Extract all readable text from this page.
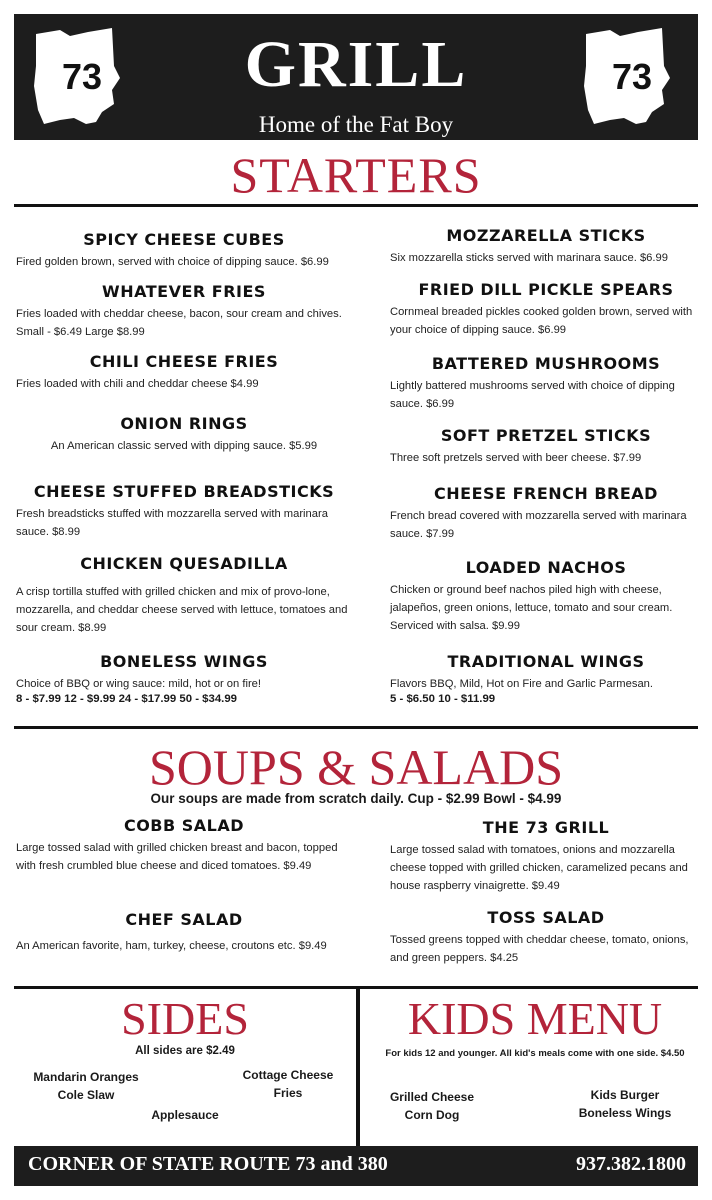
73	GRILL
Home of the Fat Boy
73
STARTERS
SPICY CHEESE CUBES
Fired golden brown, served with choice of dipping sauce. $6.99
WHATEVER FRIES
Fries loaded with cheddar cheese, bacon, sour cream and chives. Small - $6.49 Large $8.99
CHILI CHEESE FRIES
Fries loaded with chili and cheddar cheese $4.99
ONION RINGS
An American classic served with dipping sauce. $5.99
CHEESE STUFFED BREADSTICKS
Fresh breadsticks stuffed with mozzarella served with marinara sauce. $8.99
CHICKEN QUESADILLA
A crisp tortilla stuffed with grilled chicken and mix of provo-lone, mozzarella, and cheddar cheese served with lettuce, tomatoes and sour cream. $8.99
BONELESS WINGS
Choice of BBQ or wing sauce: mild, hot or on fire!
8 - $7.99 12 - $9.99 24 - $17.99 50 - $34.99
MOZZARELLA STICKS
Six mozzarella sticks served with marinara sauce. $6.99
FRIED DILL PICKLE SPEARS
Cornmeal breaded pickles cooked golden brown, served with your choice of dipping sauce. $6.99
BATTERED MUSHROOMS
Lightly battered mushrooms served with choice of dipping sauce. $6.99
SOFT PRETZEL STICKS
Three soft pretzels served with beer cheese. $7.99
CHEESE FRENCH BREAD
French bread covered with mozzarella served with marinara sauce. $7.99
LOADED NACHOS
Chicken or ground beef nachos piled high with cheese, jalapeños, green onions, lettuce, tomato and sour cream. Serviced with salsa. $9.99
TRADITIONAL WINGS
Flavors BBQ, Mild, Hot on Fire and Garlic Parmesan.
5 - $6.50 10 - $11.99
SOUPS & SALADS
Our soups are made from scratch daily. Cup - $2.99 Bowl - $4.99
COBB SALAD
Large tossed salad with grilled chicken breast and bacon, topped with fresh crumbled blue cheese and diced tomatoes. $9.49
CHEF SALAD
An American favorite, ham, turkey, cheese, croutons etc. $9.49
THE 73 GRILL
Large tossed salad with tomatoes, onions and mozzarella cheese topped with grilled chicken, caramelized pecans and house raspberry vinaigrette. $9.49
TOSS SALAD
Tossed greens topped with cheddar cheese, tomato, onions, and green peppers. $4.25
SIDES
All sides are $2.49
Mandarin Oranges
Cole Slaw
Cottage Cheese
Fries
Applesauce
KIDS MENU
For kids 12 and younger. All kid's meals come with one side. $4.50
Grilled Cheese
Corn Dog
Kids Burger
Boneless Wings
CORNER OF STATE ROUTE 73 and 380	937.382.1800
